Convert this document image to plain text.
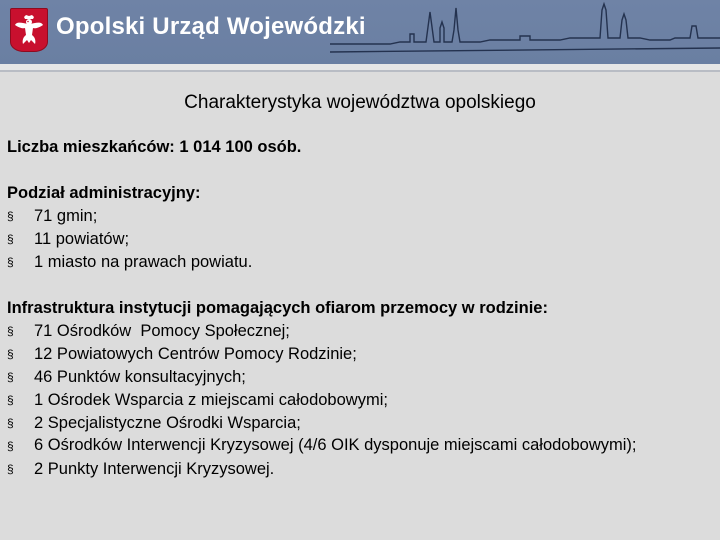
Opolski Urząd Wojewódzki
Charakterystyka województwa opolskiego

Liczba mieszkańców: 1 014 100 osób.

Podział administracyjny:

§	71 gmin;
§	11 powiatów;
§	1 miasto na prawach powiatu.

Infrastruktura instytucji pomagających ofiarom przemocy w rodzinie:

§	71 Ośrodków  Pomocy Społecznej;
§	12 Powiatowych Centrów Pomocy Rodzinie;
§	46 Punktów konsultacyjnych;
§	1 Ośrodek Wsparcia z miejscami całodobowymi;
§	2 Specjalistyczne Ośrodki Wsparcia;
§	6 Ośrodków Interwencji Kryzysowej (4/6 OIK dysponuje miejscami całodobowymi);
§	2 Punkty Interwencji Kryzysowej.
